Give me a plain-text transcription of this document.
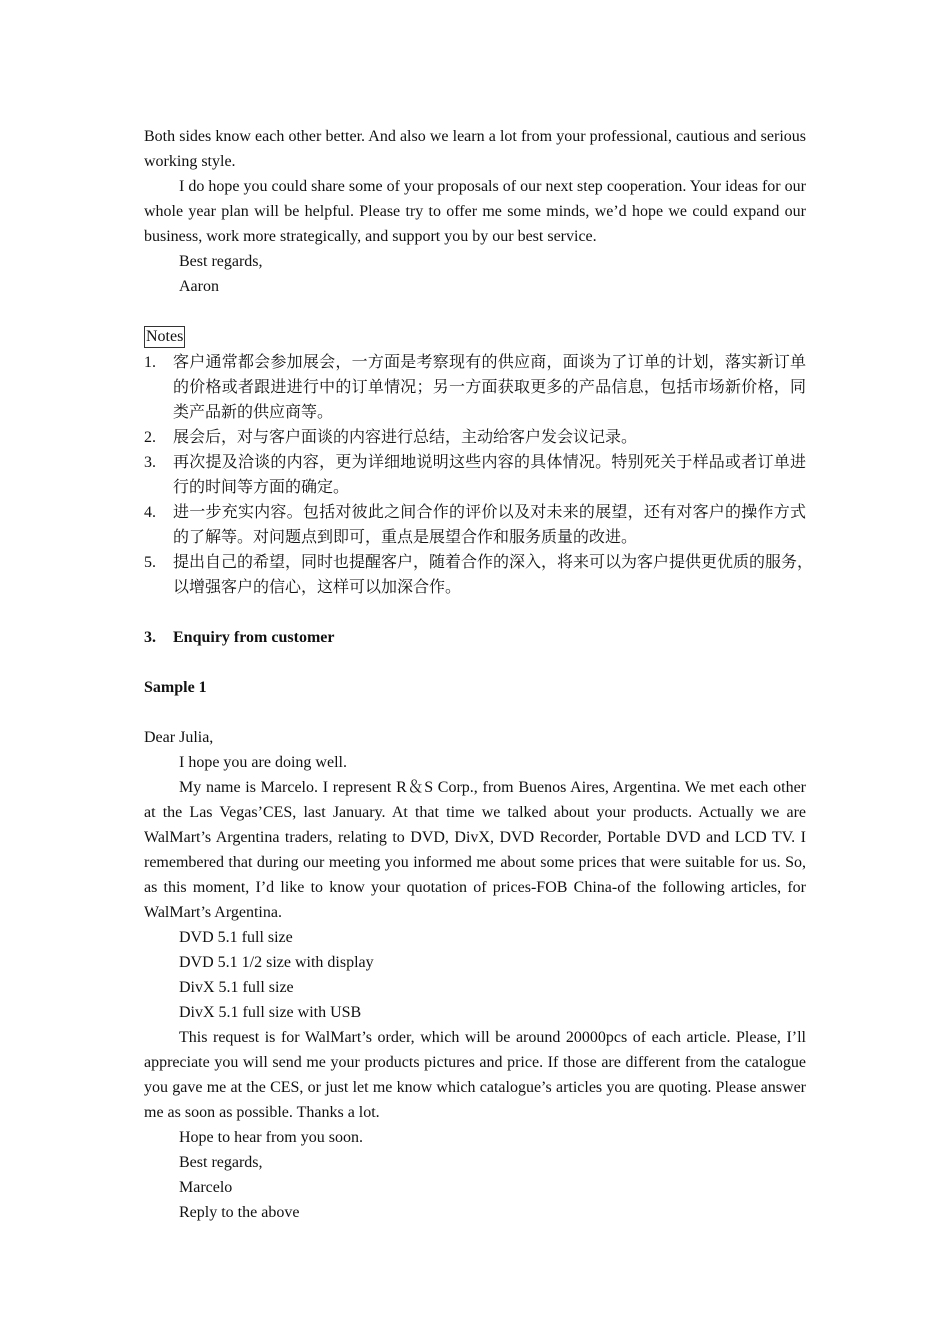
Both sides know each other better. And also we learn a lot from your professional, cautious and serious working style.

I do hope you could share some of your proposals of our next step cooperation. Your ideas for our whole year plan will be helpful. Please try to offer me some minds, we’d hope we could expand our business, work more strategically, and support you by our best service.

Best regards,

Aaron

Notes
1. 客户通常都会参加展会，一方面是考察现有的供应商，面谈为了订单的计划，落实新订单的价格或者跟进进行中的订单情况；另一方面获取更多的产品信息，包括市场新价格，同类产品新的供应商等。
2. 展会后，对与客户面谈的内容进行总结，主动给客户发会议记录。
3. 再次提及洽谈的内容，更为详细地说明这些内容的具体情况。特别死关于样品或者订单进行的时间等方面的确定。
4. 进一步充实内容。包括对彼此之间合作的评价以及对未来的展望，还有对客户的操作方式的了解等。对问题点到即可，重点是展望合作和服务质量的改进。
5. 提出自己的希望，同时也提醒客户，随着合作的深入，将来可以为客户提供更优质的服务，以增强客户的信心，这样可以加深合作。

3. Enquiry from customer

Sample 1

Dear Julia,

I hope you are doing well.

My name is Marcelo. I represent R＆S Corp., from Buenos Aires, Argentina. We met each other at the Las Vegas’CES, last January. At that time we talked about your products. Actually we are WalMart’s Argentina traders, relating to DVD, DivX, DVD Recorder, Portable DVD and LCD TV. I remembered that during our meeting you informed me about some prices that were suitable for us. So, as this moment, I’d like to know your quotation of prices-FOB China-of the following articles, for WalMart’s Argentina.

DVD 5.1 full size

DVD 5.1 1/2 size with display

DivX 5.1 full size

DivX 5.1 full size with USB

This request is for WalMart’s order, which will be around 20000pcs of each article. Please, I’ll appreciate you will send me your products pictures and price. If those are different from the catalogue you gave me at the CES, or just let me know which catalogue’s articles you are quoting. Please answer me as soon as possible. Thanks a lot.

Hope to hear from you soon.

Best regards,

Marcelo

Reply to the above
